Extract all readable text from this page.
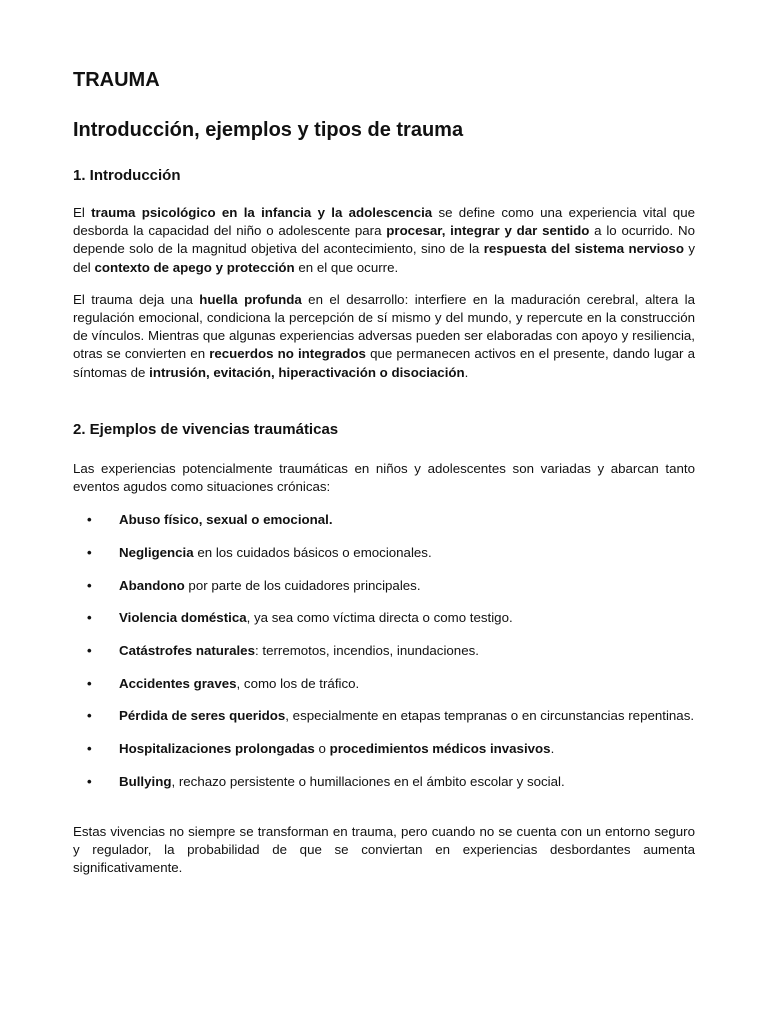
TRAUMA
Introducción, ejemplos y tipos de trauma
1. Introducción

El trauma psicológico en la infancia y la adolescencia se define como una experiencia vital que desborda la capacidad del niño o adolescente para procesar, integrar y dar sentido a lo ocurrido. No depende solo de la magnitud objetiva del acontecimiento, sino de la respuesta del sistema nervioso y del contexto de apego y protección en el que ocurre.

El trauma deja una huella profunda en el desarrollo: interfiere en la maduración cerebral, altera la regulación emocional, condiciona la percepción de sí mismo y del mundo, y repercute en la construcción de vínculos. Mientras que algunas experiencias adversas pueden ser elaboradas con apoyo y resiliencia, otras se convierten en recuerdos no integrados que permanecen activos en el presente, dando lugar a síntomas de intrusión, evitación, hiperactivación o disociación.

2. Ejemplos de vivencias traumáticas

Las experiencias potencialmente traumáticas en niños y adolescentes son variadas y abarcan tanto eventos agudos como situaciones crónicas:

• Abuso físico, sexual o emocional.
• Negligencia en los cuidados básicos o emocionales.
• Abandono por parte de los cuidadores principales.
• Violencia doméstica, ya sea como víctima directa o como testigo.
• Catástrofes naturales: terremotos, incendios, inundaciones.
• Accidentes graves, como los de tráfico.
• Pérdida de seres queridos, especialmente en etapas tempranas o en circunstancias repentinas.
• Hospitalizaciones prolongadas o procedimientos médicos invasivos.
• Bullying, rechazo persistente o humillaciones en el ámbito escolar y social.

Estas vivencias no siempre se transforman en trauma, pero cuando no se cuenta con un entorno seguro y regulador, la probabilidad de que se conviertan en experiencias desbordantes aumenta significativamente.
